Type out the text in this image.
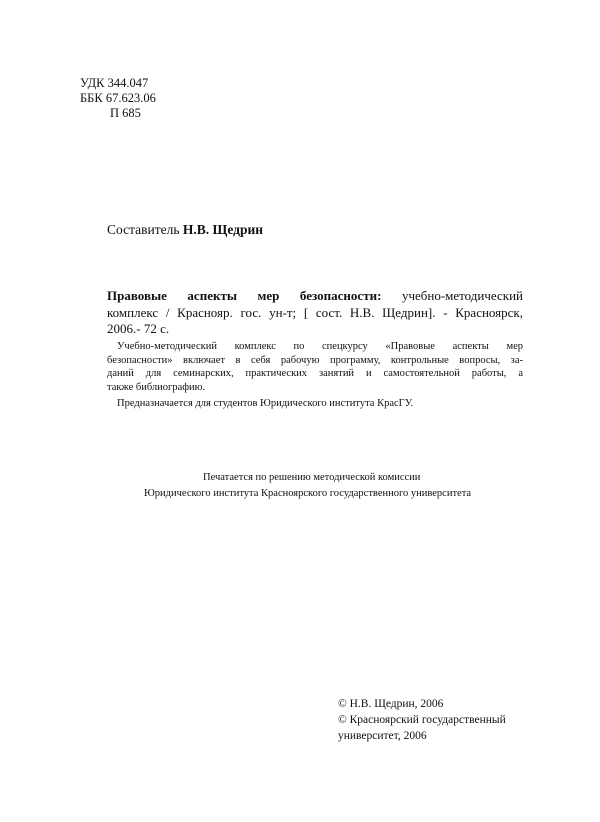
УДК 344.047
ББК 67.623.06
П 685
Составитель Н.В. Щедрин
Правовые аспекты мер безопасности: учебно-методический
комплекс / Краснояр. гос. ун-т; [ сост. Н.В. Щедрин]. - Красноярск,
2006.- 72 с.
Учебно-методический комплекс по спецкурсу «Правовые аспекты мер
безопасности» включает в себя рабочую программу, контрольные вопросы, за-
даний для семинарских, практических занятий и самостоятельной работы, а
также библиографию.
Предназначается для студентов Юридического института КрасГУ.
Печатается по решению методической комиссии
Юридического института Красноярского государственного университета
© Н.В. Щедрин, 2006
© Красноярский государственный
университет, 2006
